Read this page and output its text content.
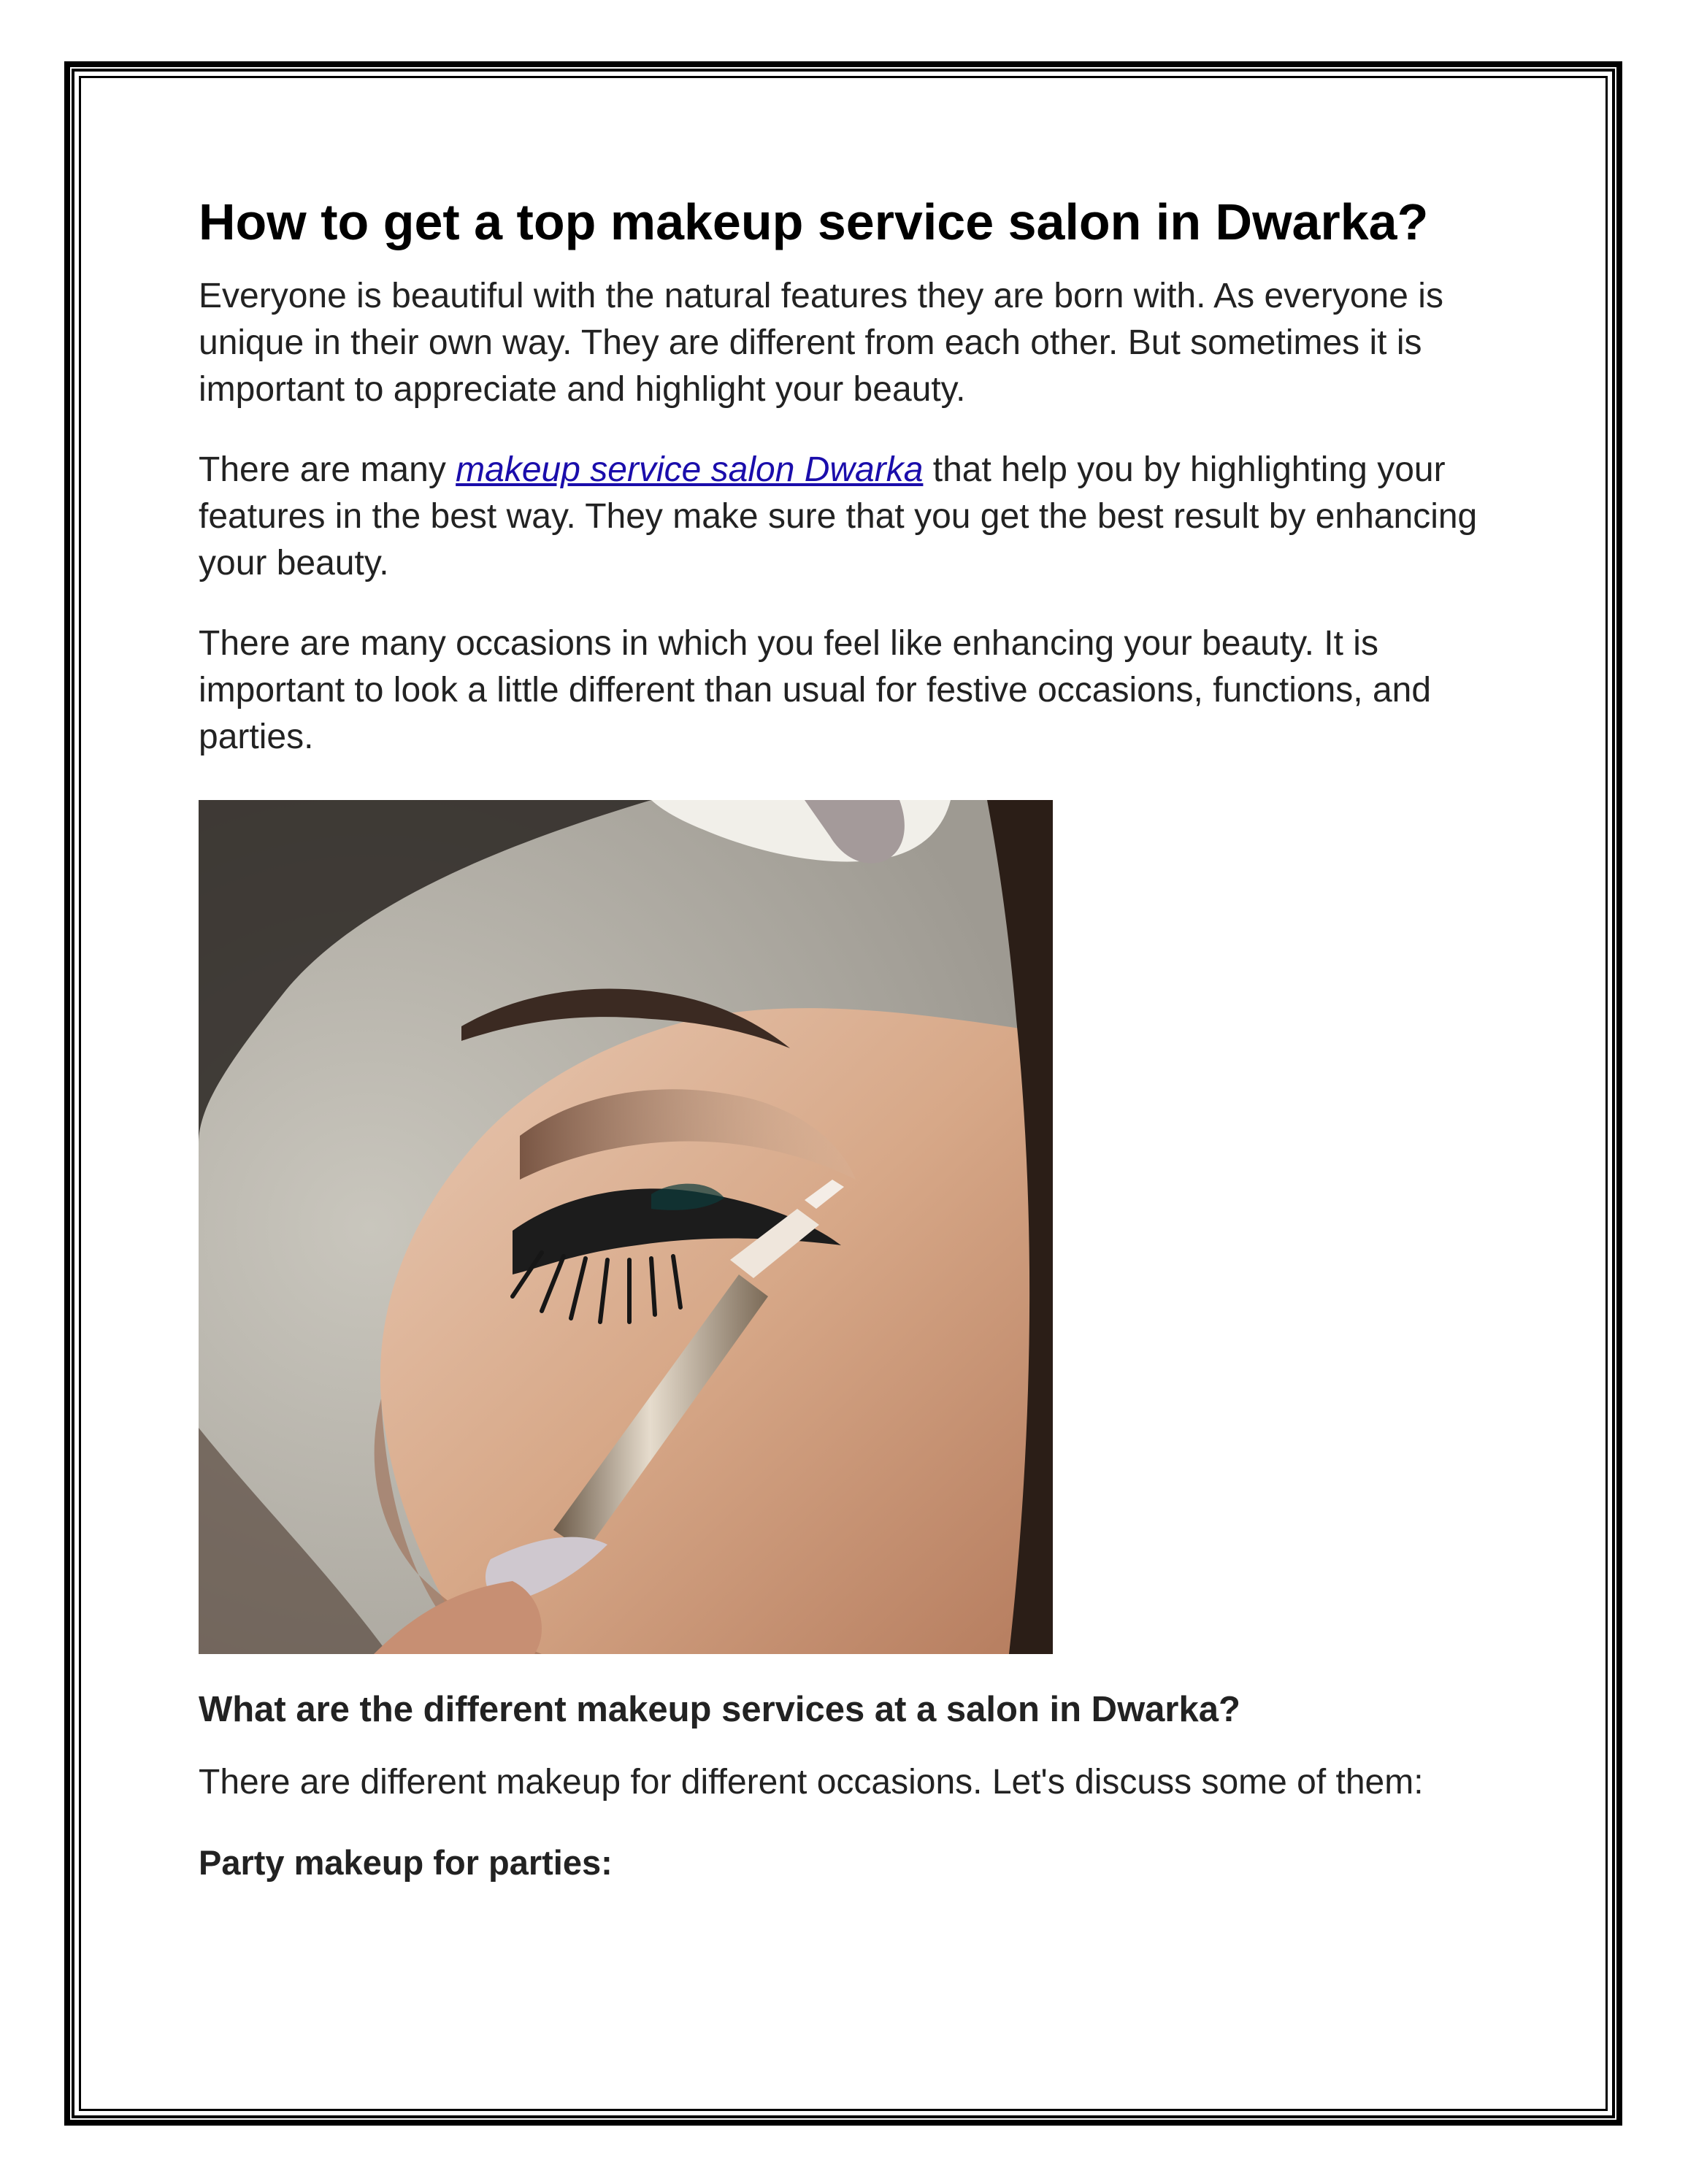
How to get a top makeup service salon in Dwarka?

Everyone is beautiful with the natural features they are born with. As everyone is unique in their own way. They are different from each other. But sometimes it is important to appreciate and highlight your beauty.

There are many makeup service salon Dwarka that help you by highlighting your features in the best way. They make sure that you get the best result by enhancing your beauty.

There are many occasions in which you feel like enhancing your beauty. It is important to look a little different than usual for festive occasions, functions, and parties.

What are the different makeup services at a salon in Dwarka?

There are different makeup for different occasions. Let's discuss some of them:

Party makeup for parties:
